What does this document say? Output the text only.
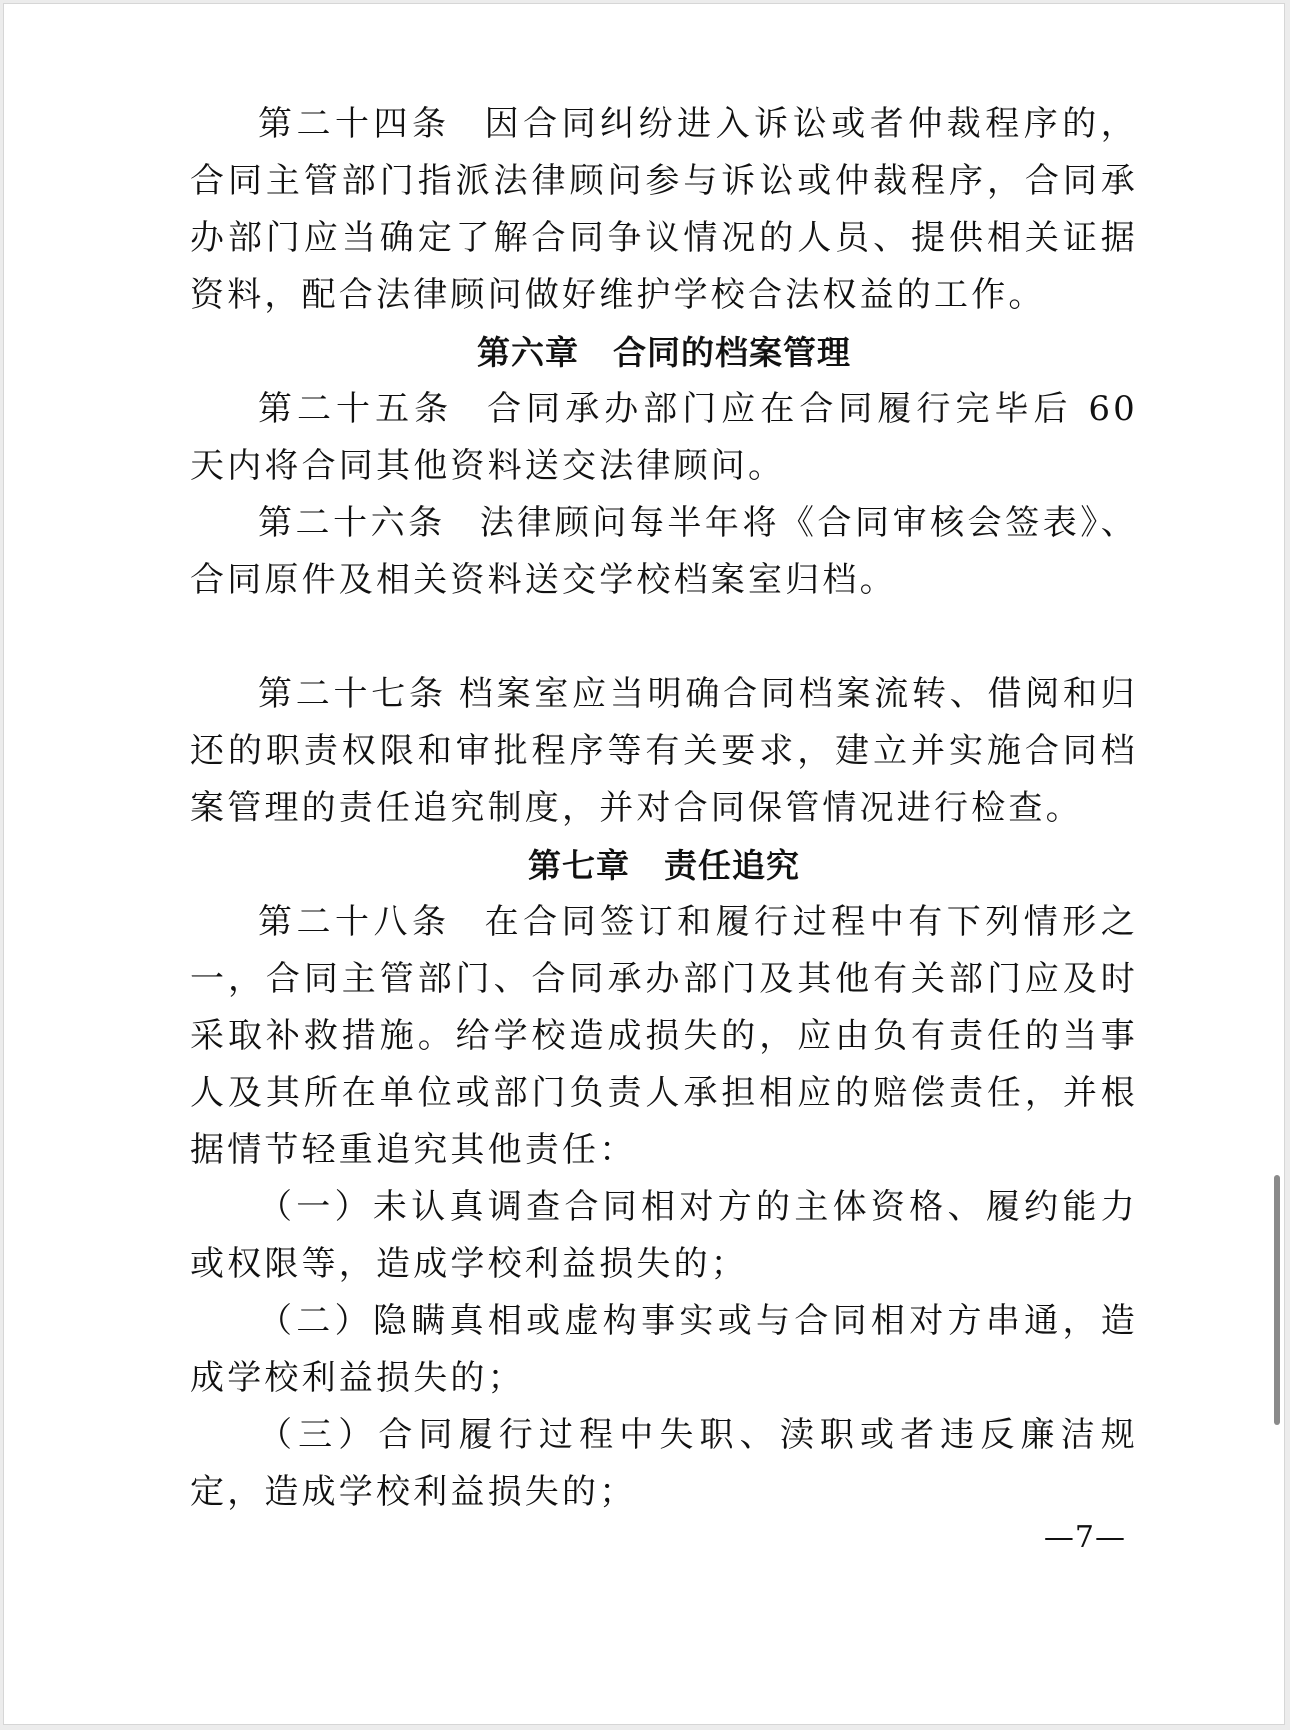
第二十四条 因合同纠纷进入诉讼或者仲裁程序的，合同主管部门指派法律顾问参与诉讼或仲裁程序，合同承办部门应当确定了解合同争议情况的人员、提供相关证据资料，配合法律顾问做好维护学校合法权益的工作。

第六章 合同的档案管理

第二十五条 合同承办部门应在合同履行完毕后 60 天内将合同其他资料送交法律顾问。

第二十六条 法律顾问每半年将《合同审核会签表》、合同原件及相关资料送交学校档案室归档。

第二十七条 档案室应当明确合同档案流转、借阅和归还的职责权限和审批程序等有关要求，建立并实施合同档案管理的责任追究制度，并对合同保管情况进行检查。

第七章 责任追究

第二十八条 在合同签订和履行过程中有下列情形之一，合同主管部门、合同承办部门及其他有关部门应及时采取补救措施。给学校造成损失的，应由负有责任的当事人及其所在单位或部门负责人承担相应的赔偿责任，并根据情节轻重追究其他责任：

（一）未认真调查合同相对方的主体资格、履约能力或权限等，造成学校利益损失的；

（二）隐瞒真相或虚构事实或与合同相对方串通，造成学校利益损失的；

（三）合同履行过程中失职、渎职或者违反廉洁规定，造成学校利益损失的；

—7—
